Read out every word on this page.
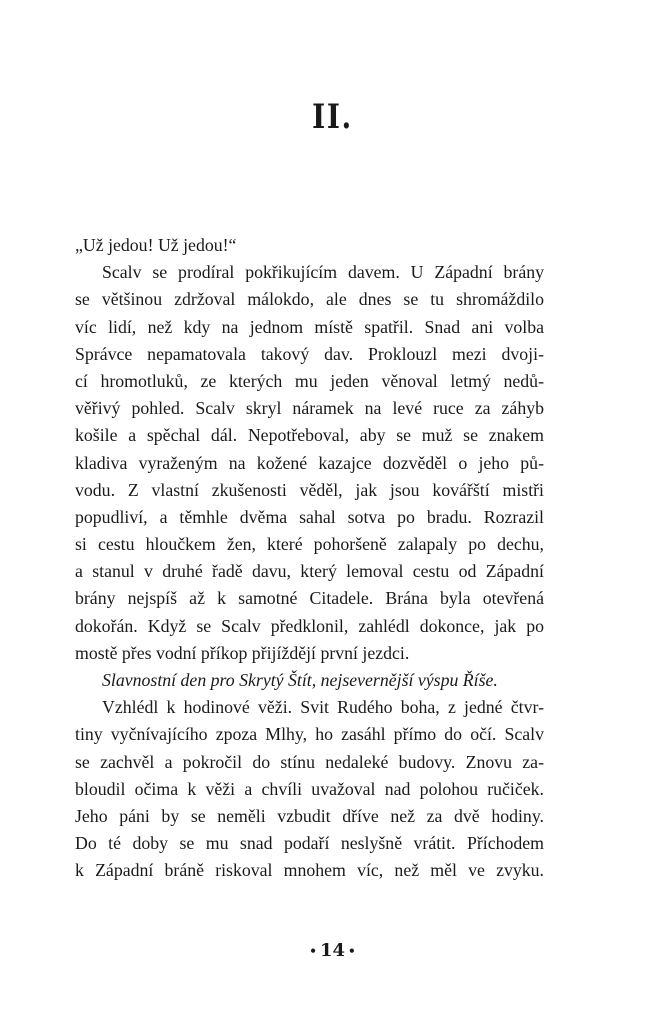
II.
„Už jedou! Už jedou!“
Scalv se prodíral pokřikujícím davem. U Západní brány
se většinou zdržoval málokdo, ale dnes se tu shromáždilo
víc lidí, než kdy na jednom místě spatřil. Snad ani volba
Správce nepamatovala takový dav. Proklouzl mezi dvoji-
cí hromotluků, ze kterých mu jeden věnoval letmý nedů-
věřivý pohled. Scalv skryl náramek na levé ruce za záhyb
košile a spěchal dál. Nepotřeboval, aby se muž se znakem
kladiva vyraženým na kožené kazajce dozvěděl o jeho pů-
vodu. Z vlastní zkušenosti věděl, jak jsou kovářští mistři
popudliví, a těmhle dvěma sahal sotva po bradu. Rozrazil
si cestu hloučkem žen, které pohoršeně zalapaly po dechu,
a stanul v druhé řadě davu, který lemoval cestu od Západní
brány nejspíš až k samotné Citadele. Brána byla otevřená
dokořán. Když se Scalv předklonil, zahlédl dokonce, jak po
mostě přes vodní příkop přijíždějí první jezdci.
Slavnostní den pro Skrytý Štít, nejsevernější výspu Říše.
Vzhlédl k hodinové věži. Svit Rudého boha, z jedné čtvr-
tiny vyčnívajícího zpoza Mlhy, ho zasáhl přímo do očí. Scalv
se zachvěl a pokročil do stínu nedaleké budovy. Znovu za-
bloudil očima k věži a chvíli uvažoval nad polohou ručiček.
Jeho páni by se neměli vzbudit dříve než za dvě hodiny.
Do té doby se mu snad podaří neslyšně vrátit. Příchodem
k Západní bráně riskoval mnohem víc, než měl ve zvyku.
• 14 •
